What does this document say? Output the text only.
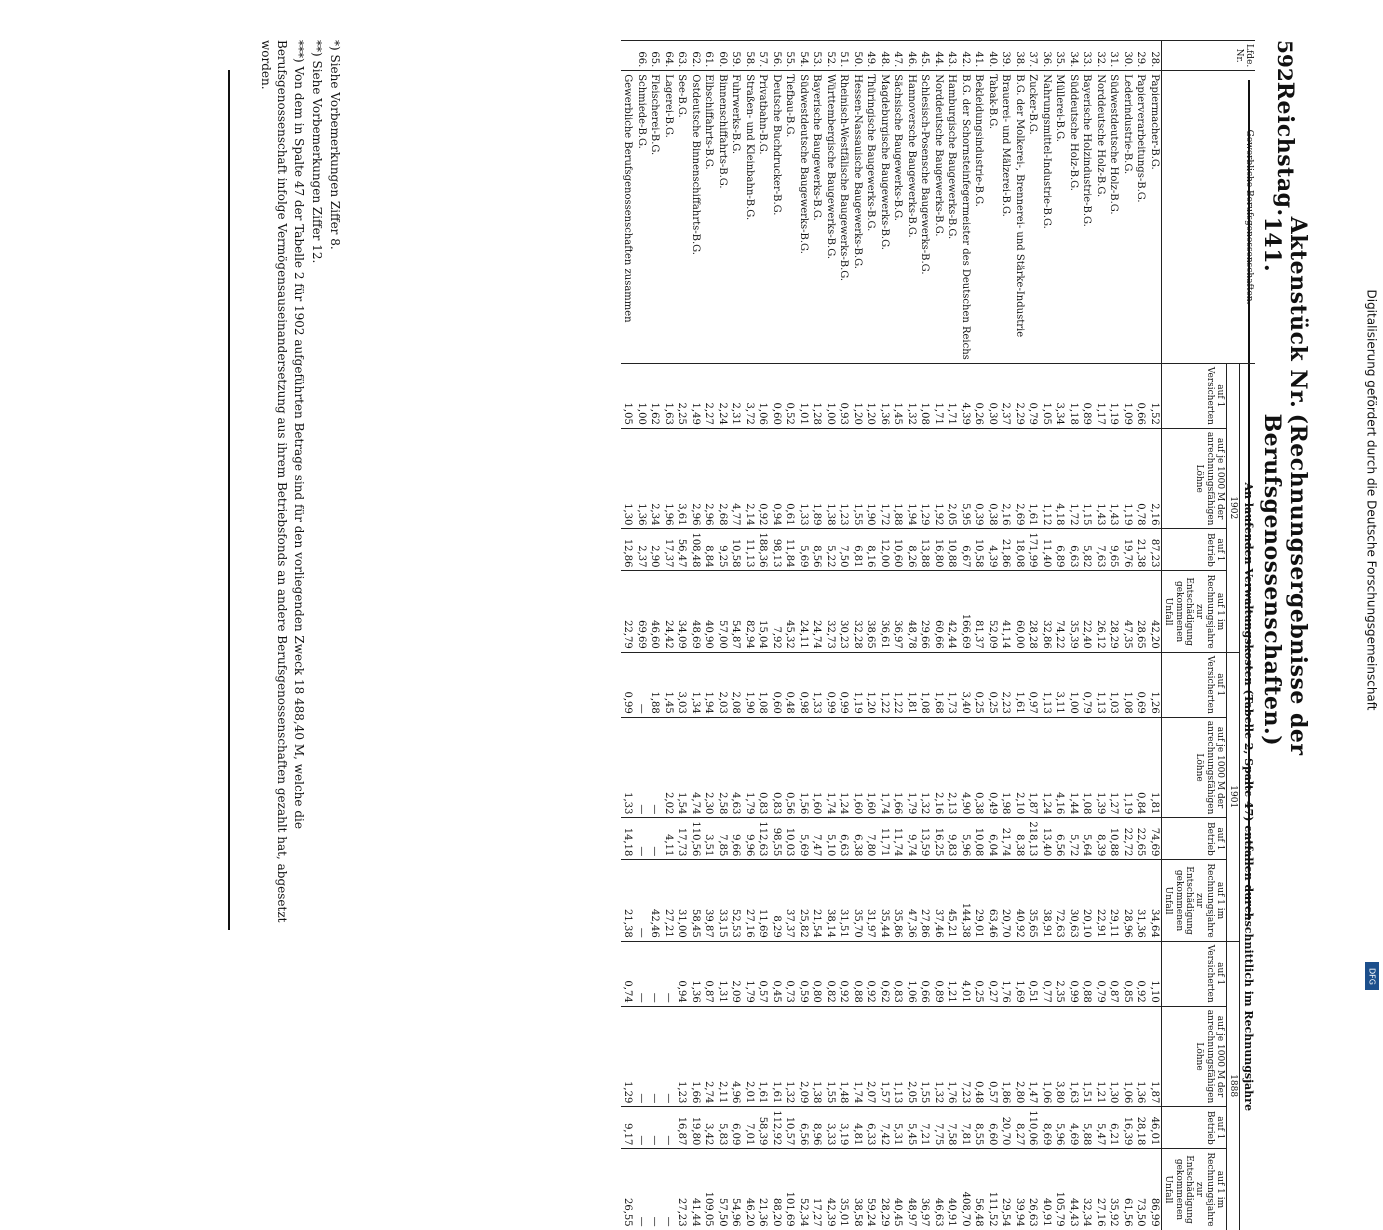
592
Reichstag.
Aktenstück Nr. 141.
(Rechnungsergebnisse der Berufsgenossenschaften.)
Lfde. Nr.	Gewerbliche Berufsgenossenschaften.	An laufenden Verwaltungskosten (Tabelle 2, Spalte 47) entfallen durchschnittlich im Rechnungsjahre											
		1902				1901				1888			
		auf 1 Versicherten	auf je 1000 M der anrechnungsfähigen Löhne	auf 1 Betrieb	auf 1 im Rechnungsjahre zur Entschädigung gekommenen Unfall	auf 1 Versicherten	auf je 1000 M der anrechnungsfähigen Löhne	auf 1 Betrieb	auf 1 im Rechnungsjahre zur Entschädigung gekommenen Unfall	auf 1 Versicherten	auf je 1000 M der anrechnungsfähigen Löhne	auf 1 Betrieb	auf 1 im Rechnungsjahre zur Entschädigung gekommenen Unfall
28.	Papiermacher-B.G.	1,52	2,16	87,23	42,20	1,26	1,81	74,69	34,64	1,10	1,87	46,01	86,99
29.	Papierverarbeitungs-B.G.	0,66	0,78	21,38	28,65	0,69	0,84	22,65	31,36	0,92	1,36	28,18	73,50
30.	Lederindustrie-B.G.	1,09	1,19	19,76	47,35	1,08	1,19	22,72	28,96	0,85	1,06	16,39	61,56
31.	Südwestdeutsche Holz-B.G.	1,19	1,43	9,65	28,29	1,03	1,27	10,88	29,11	0,87	1,30	6,21	35,92
32.	Norddeutsche Holz-B.G.	1,17	1,43	7,63	26,12	1,13	1,39	8,39	22,91	0,79	1,21	5,47	27,16
33.	Bayerische Holzindustrie-B.G.	0,89	1,15	5,82	22,40	0,79	1,08	5,64	20,10	0,88	1,51	5,88	32,34
34.	Süddeutsche Holz-B.G.	1,18	1,72	6,63	35,39	1,00	1,44	5,72	30,63	0,99	1,63	4,69	44,43
35.	Müllerei-B.G.	3,34	4,18	6,89	74,22	3,11	4,16	6,56	72,63	2,35	3,80	5,96	105,79
36.	Nahrungsmittel-Industrie-B.G.	1,05	1,12	11,40	32,86	1,13	1,24	13,40	38,91	0,77	1,06	8,69	40,91
37.	Zucker-B.G.	0,79	1,61	171,99	28,28	0,97	1,87	218,13	35,65	0,51	1,47	110,06	26,63
38.	B.G. der Molkerei-, Brennerei- und Stärke-Industrie	2,29	2,69	18,08	60,00	1,61	2,10	8,38	40,92	1,69	2,80	8,27	39,94
39.	Brauerei- und Mälzerei-B.G.	2,37	2,16	21,86	41,14	2,23	1,98	21,74	20,70	1,76	1,86	20,70	29,54
40.	Tabak-B.G.	0,30	0,38	4,39	52,09	0,25	0,49	6,04	63,46	0,27	0,57	6,60	111,52
41.	Bekleidungsindustrie-B.G.	0,26	0,39	10,58	81,37	0,25	0,38	10,08	29,01	0,25	0,48	8,55	56,48
42.	B.G. der Schornsteinfegermeister des Deutschen Reichs	4,39	5,95	6,67	166,69	3,40	4,90	5,96	144,38	4,01	7,23	7,81	408,70
43.	Hamburgische Baugewerks-B.G.	1,71	2,05	10,88	42,44	1,73	2,13	9,83	45,21	1,21	1,76	7,58	40,91
44.	Norddeutsche Baugewerks-B.G.	1,71	1,92	16,80	60,66	1,68	2,16	16,25	37,46	0,89	1,32	7,75	46,63
45.	Schlesisch-Posensche Baugewerks-B.G.	1,08	1,29	13,88	29,66	1,08	1,32	13,59	27,86	0,66	1,55	7,21	36,97
46.	Hannoversche Baugewerks-B.G.	1,32	1,94	8,26	48,78	1,81	1,79	9,74	47,36	1,06	2,05	5,45	48,97
47.	Sächsische Baugewerks-B.G.	1,45	1,88	10,60	36,97	1,22	1,66	11,74	35,86	0,83	1,13	5,31	40,45
48.	Magdeburgische Baugewerks-B.G.	1,36	1,72	12,00	36,61	1,22	1,74	11,71	35,44	0,62	1,57	7,42	28,29
49.	Thüringische Baugewerks-B.G.	1,20	1,90	8,16	38,65	1,20	1,60	7,80	31,97	0,92	2,07	6,33	59,24
50.	Hessen-Nassauische Baugewerks-B.G.	1,20	1,55	6,81	32,28	1,19	1,60	6,38	35,70	0,88	1,74	4,81	38,58
51.	Rheinisch-Westfälische Baugewerks-B.G.	0,93	1,23	7,50	30,23	0,99	1,24	6,63	31,51	0,92	1,48	3,19	35,01
52.	Württembergische Baugewerks-B.G.	1,00	1,38	5,22	32,73	0,99	1,74	5,10	38,14	0,82	1,55	3,33	42,39
53.	Bayerische Baugewerks-B.G.	1,28	1,89	8,56	24,74	1,33	1,60	7,47	21,54	0,80	1,38	8,96	17,27
54.	Südwestdeutsche Baugewerks-B.G.	1,01	1,33	5,69	24,11	0,98	1,56	5,69	25,82	0,59	2,09	6,56	52,34
55.	Tiefbau-B.G.	0,52	0,61	11,84	45,32	0,48	0,56	10,03	37,37	0,73	1,32	10,57	101,69
56.	Deutsche Buchdrucker-B.G.	0,60	0,94	98,13	7,92	0,60	0,83	98,55	8,29	0,45	1,61	112,92	88,20
57.	Privatbahn-B.G.	1,06	0,92	188,36	15,04	1,08	0,83	112,63	11,69	0,57	1,61	58,39	21,36
58.	Straßen- und Kleinbahn-B.G.	3,72	2,14	11,13	82,94	1,90	1,79	9,96	27,16	1,79	2,01	7,01	46,20
59.	Fuhrwerks-B.G.	2,31	4,77	10,58	54,87	2,08	4,63	9,66	52,53	2,09	4,96	6,09	54,96
60.	Binnenschiffahrts-B.G.	2,24	2,68	9,25	57,00	2,03	2,58	7,85	33,15	1,31	2,11	5,83	57,50
61.	Elbschiffahrts-B.G.	2,27	2,96	8,84	40,90	1,94	2,30	3,51	39,87	0,87	2,74	3,42	109,05
62.	Ostdeutsche Binnenschiffahrts-B.G.	1,49	2,96	108,48	48,69	1,34	4,74	110,56	58,45	1,36	1,66	19,80	41,44
63.	See-B.G.	2,25	3,61	56,47	34,09	3,03	1,54	17,73	31,00	0,94	1,23	16,87	27,23
64.	Lagerei-B.G.	1,63	1,96	17,37	24,42	1,45	2,02	4,11	27,21	—	—	—	—
65.	Fleischerei-B.G.	1,62	2,34	2,90	46,60	1,88	—	—	42,46	—	—	—	—
66.	Schmiede-B.G.	1,00	1,36	2,37	69,69	—	—	—	—	—	—	—	—
	Gewerbliche Berufsgenossenschaften zusammen	1,05	1,30	12,86	22,79	0,99	1,33	14,18	21,38	0,74	1,29	9,17	26,55

*) Siehe Vorbemerkungen Ziffer 8.

**) Siehe Vorbemerkungen Ziffer 12.

***) Von dem in Spalte 47 der Tabelle 2 für 1902 aufgeführten Betrage sind für den vorliegenden Zweck 18 488,40 M, welche die Berufsgenossenschaft infolge Vermögensauseinandersetzung aus ihrem Betriebsfonds an andere Berufsgenossenschaften gezahlt hat, abgesetzt worden.

Digitalisierung gefördert durch die Deutsche Forschungsgemeinschaft
DFG
